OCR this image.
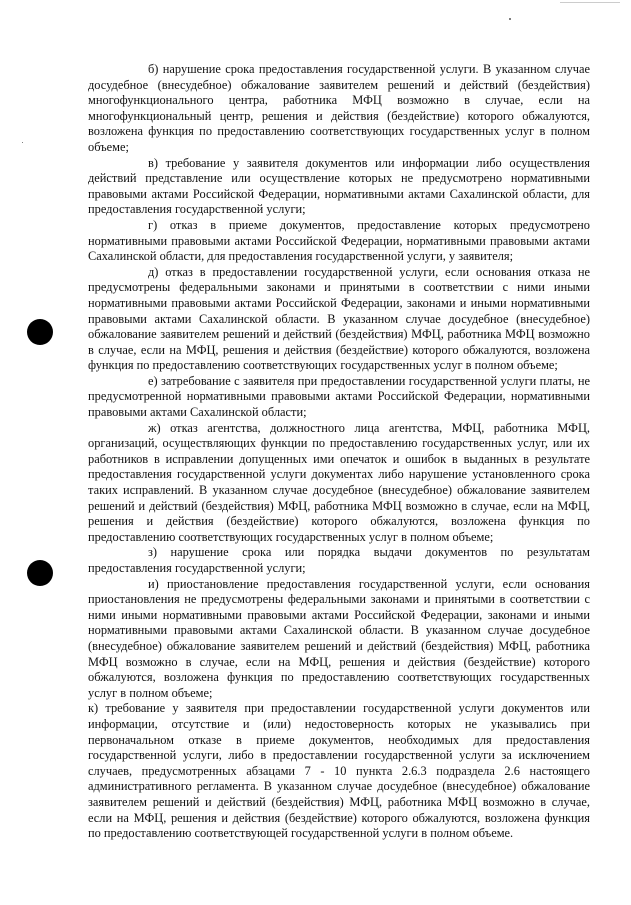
б) нарушение срока предоставления государственной услуги. В указанном случае досудебное (внесудебное) обжалование заявителем решений и действий (бездействия) многофункционального центра, работника МФЦ возможно в случае, если на многофункциональный центр, решения и действия (бездействие) которого обжалуются, возложена функция по предоставлению соответствующих государственных услуг в полном объеме;

в) требование у заявителя документов или информации либо осуществления действий представление или осуществление которых не предусмотрено нормативными правовыми актами Российской Федерации, нормативными актами Сахалинской области, для предоставления государственной услуги;

г) отказ в приеме документов, предоставление которых предусмотрено нормативными правовыми актами Российской Федерации, нормативными правовыми актами Сахалинской области, для предоставления государственной услуги, у заявителя;

д) отказ в предоставлении государственной услуги, если основания отказа не предусмотрены федеральными законами и принятыми в соответствии с ними иными нормативными правовыми актами Российской Федерации, законами и иными нормативными правовыми актами Сахалинской области. В указанном случае досудебное (внесудебное) обжалование заявителем решений и действий (бездействия) МФЦ, работника МФЦ возможно в случае, если на МФЦ, решения и действия (бездействие) которого обжалуются, возложена функция по предоставлению соответствующих государственных услуг в полном объеме;

е) затребование с заявителя при предоставлении государственной услуги платы, не предусмотренной нормативными правовыми актами Российской Федерации, нормативными правовыми актами Сахалинской области;

ж) отказ агентства, должностного лица агентства, МФЦ, работника МФЦ, организаций, осуществляющих функции по предоставлению государственных услуг, или их работников в исправлении допущенных ими опечаток и ошибок в выданных в результате предоставления государственной услуги документах либо нарушение установленного срока таких исправлений. В указанном случае досудебное (внесудебное) обжалование заявителем решений и действий (бездействия) МФЦ, работника МФЦ возможно в случае, если на МФЦ, решения и действия (бездействие) которого обжалуются, возложена функция по предоставлению соответствующих государственных услуг в полном объеме;

з) нарушение срока или порядка выдачи документов по результатам предоставления государственной услуги;

и) приостановление предоставления государственной услуги, если основания приостановления не предусмотрены федеральными законами и принятыми в соответствии с ними иными нормативными правовыми актами Российской Федерации, законами и иными нормативными правовыми актами Сахалинской области. В указанном случае досудебное (внесудебное) обжалование заявителем решений и действий (бездействия) МФЦ, работника МФЦ возможно в случае, если на МФЦ, решения и действия (бездействие) которого обжалуются, возложена функция по предоставлению соответствующих государственных услуг в полном объеме;

к) требование у заявителя при предоставлении государственной услуги документов или информации, отсутствие и (или) недостоверность которых не указывались при первоначальном отказе в приеме документов, необходимых для предоставления государственной услуги, либо в предоставлении государственной услуги за исключением случаев, предусмотренных абзацами 7 - 10 пункта 2.6.3 подраздела 2.6 настоящего административного регламента. В указанном случае досудебное (внесудебное) обжалование заявителем решений и действий (бездействия) МФЦ, работника МФЦ возможно в случае, если на МФЦ, решения и действия (бездействие) которого обжалуются, возложена функция по предоставлению соответствующей государственной услуги в полном объеме.
